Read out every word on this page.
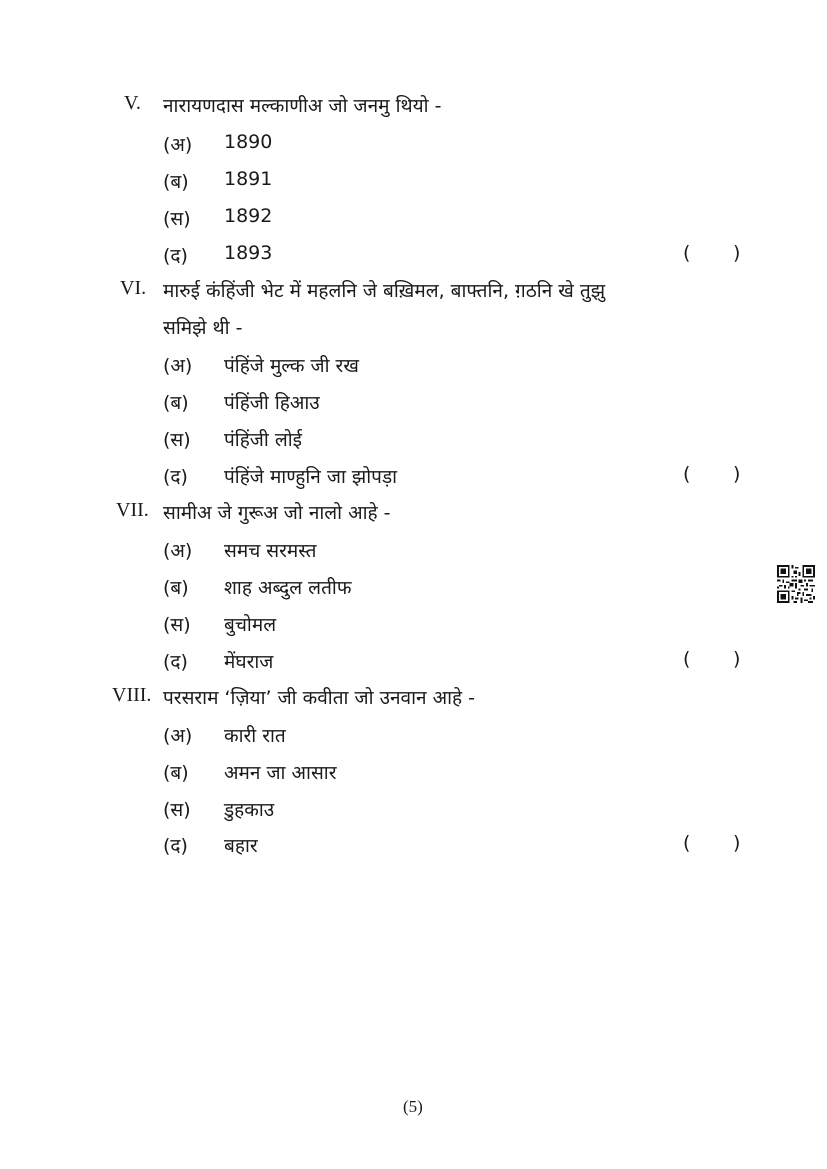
V. नारायणदास मल्काणीअ जो जनमु थियो -
(अ) 1890
(ब) 1891
(स) 1892
(द) 1893	( )
VI. मारुई कंहिंजी भेट में महलनि जे बख़िमल, बाफ्तनि, ग़ठनि खे तुझु
समिझे थी -
(अ) पंहिंजे मुल्क जी रख
(ब) पंहिंजी हिआउ
(स) पंहिंजी लोई
(द) पंहिंजे माण्हुनि जा झोपड़ा	( )
VII. सामीअ जे गुरूअ जो नालो आहे -
(अ) समच सरमस्त
(ब) शाह अब्दुल लतीफ
(स) बुचोमल
(द) मेंघराज	( )
VIII. परसराम ‘ज़िया’ जी कवीता जो उनवान आहे -
(अ) कारी रात
(ब) अमन जा आसार
(स) डुहकाउ
(द) बहार	( )
(5)
